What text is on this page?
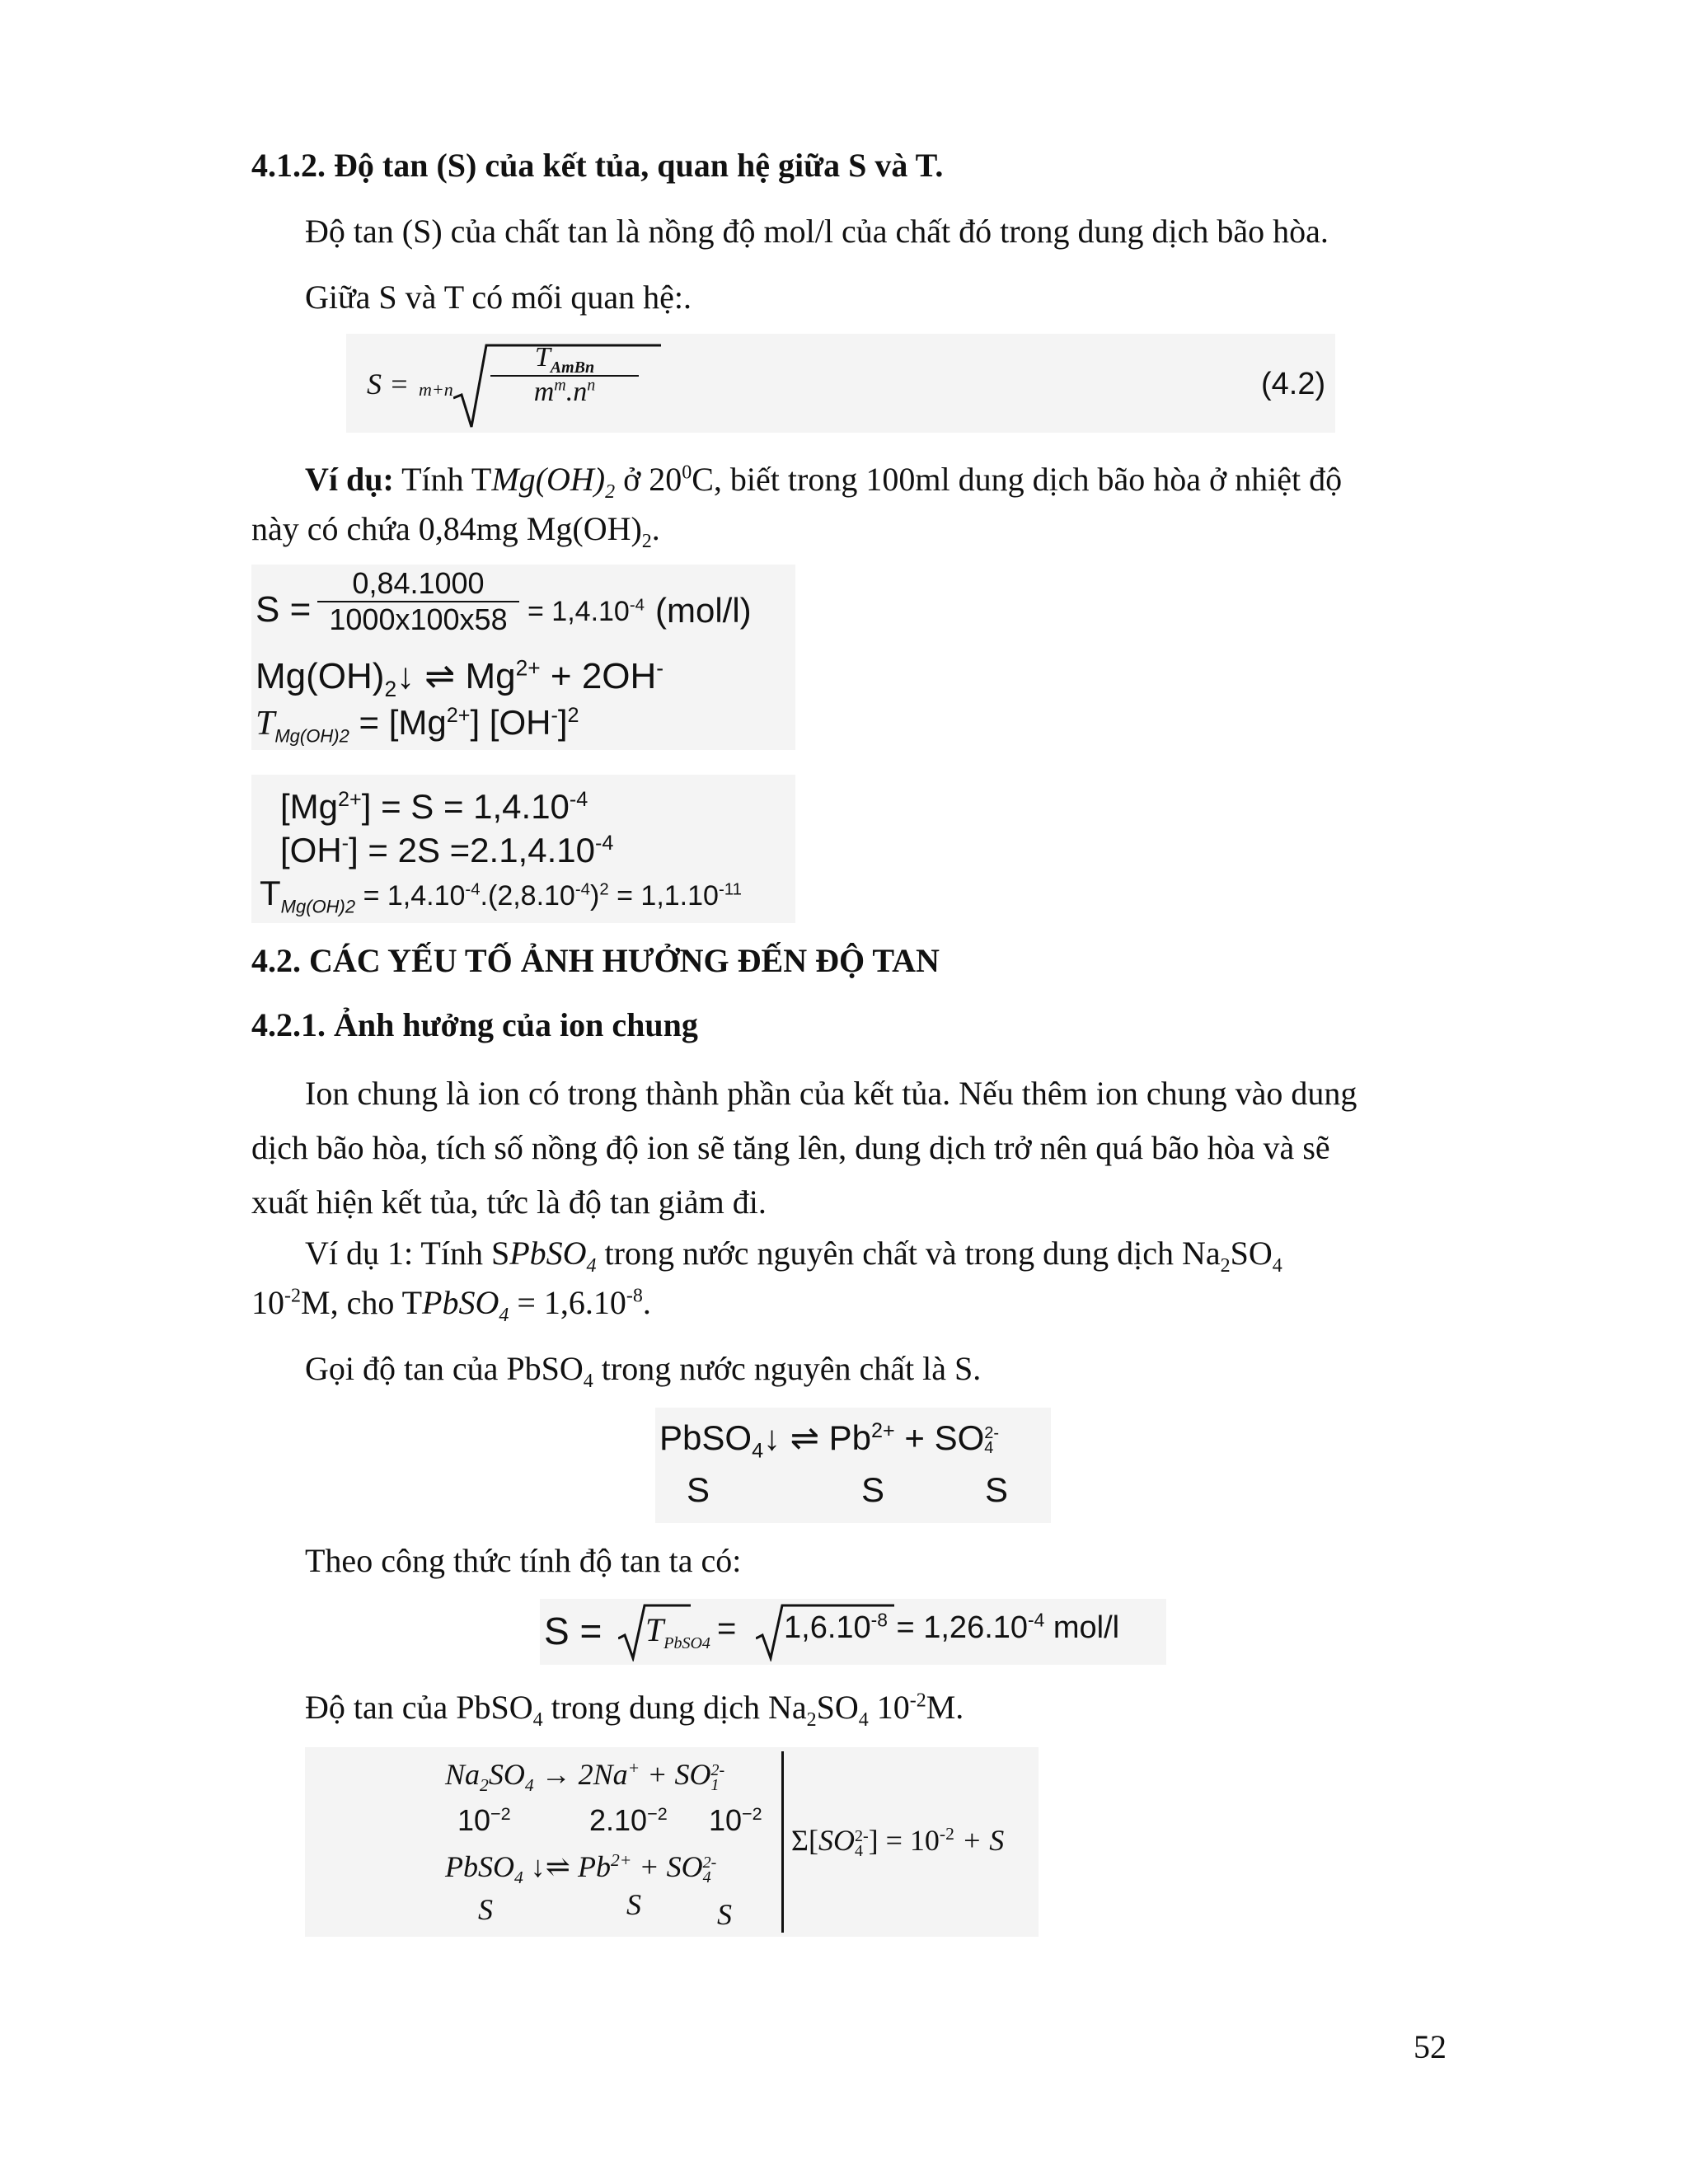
4.1.2. Độ tan (S) của kết tủa, quan hệ giữa S và T.
Độ tan (S) của chất tan là nồng độ mol/l của chất đó trong dung dịch bão hòa.
Giữa S và T có mối quan hệ:.
S = m+n
$T_{AmBn}$
$m^m.n^n$	(4.2)
Ví dụ: Tính $TMg(OH)_2$ ở $20^0C$, biết trong 100ml dung dịch bão hòa ở nhiệt độ
này có chứa 0,84mg $Mg(OH)_2$.
S =
0,84.1000
$1000x100x58 = 1,4.10^{-4}$ (mol/l)
$Mg(OH)_2↓$ ⇌ $Mg^{2+} + 2OH^-$
$T_{Mg(OH)2} = [Mg^{2+}]$ $[OH^-]^2$
$[Mg^{2+}] = S = 1,4.10^{-4}$
$[OH^-] = 2S =2.1,4.10^{-4}$
$T_{Mg(OH)2} = 1,4.10^{-4}.(2,8.10^{-4})^2 = 1,1.10^{-11}$
4.2. CÁC YẾU TỐ ẢNH HƯỞNG ĐẾN ĐỘ TAN
4.2.1. Ảnh hưởng của ion chung
Ion chung là ion có trong thành phần của kết tủa. Nếu thêm ion chung vào dung
dịch bão hòa, tích số nồng độ ion sẽ tăng lên, dung dịch trở nên quá bão hòa và sẽ
xuất hiện kết tủa, tức là độ tan giảm đi.
Ví dụ 1: Tính SPbSO$_4$ trong nước nguyên chất và trong dung dịch $Na_2SO_4$
$10^{-2}M$, cho TPbSO$_4$ = $1,6.10^{-8}$.
Gọi độ tan của PbSO$_4$ trong nước nguyên chất là S.
PbSO$_4$↓ ⇌ $Pb^{2+}$ + SO 2-
4
S	S	S
Theo công thức tính độ tan ta có:
$S = T_{PbSO4} = 1,6.10^{-8} = 1,26.10^{-4}$ mol/l
Độ tan của PbSO$_4$ trong dung dịch $Na_2SO_4$ $10^{-2}M$.
$Na_2SO_4 \to 2Na^+$ + SO 2-
1
$10^{-2}$	$2.10^{-2}$ $10^{-2}$
PbSO$_4$ ↓⇌ $Pb^{2+}$ + SO 2-
4
S	S	S
Σ[SO 2-
4 ] = $10^{-2} + S$
52
